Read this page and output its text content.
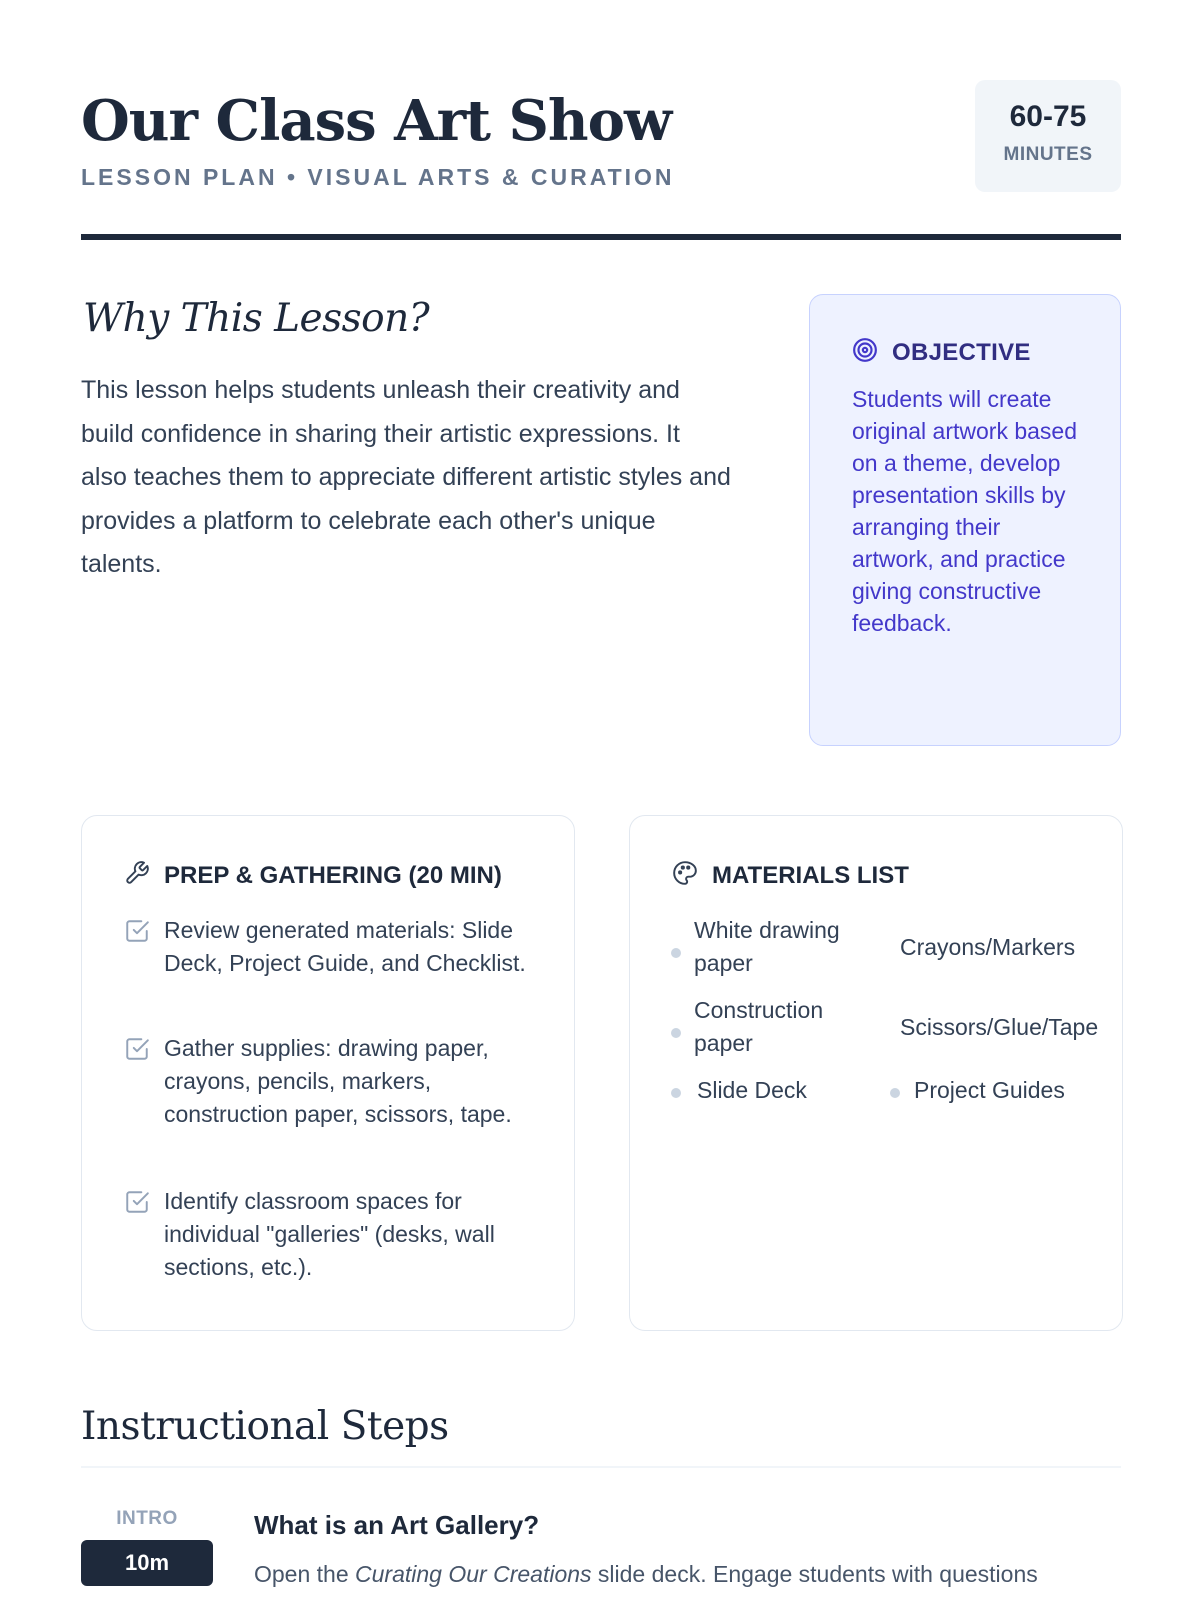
Our Class Art Show
LESSON PLAN • VISUAL ARTS & CURATION
60-75
MINUTES
Why This Lesson?
This lesson helps students unleash their creativity and build confidence in sharing their artistic expressions. It also teaches them to appreciate different artistic styles and provides a platform to celebrate each other's unique talents.
OBJECTIVE
Students will create original artwork based on a theme, develop presentation skills by arranging their artwork, and practice giving constructive feedback.
PREP & GATHERING (20 MIN)
Review generated materials: Slide Deck, Project Guide, and Checklist.
Gather supplies: drawing paper, crayons, pencils, markers, construction paper, scissors, tape.
Identify classroom spaces for individual "galleries" (desks, wall sections, etc.).
MATERIALS LIST
White drawing paper
Crayons/Markers
Construction paper
Scissors/Glue/Tape
Slide Deck	Project Guides
Instructional Steps
INTRO
10m
What is an Art Gallery?
Open the Curating Our Creations slide deck. Engage students with questions
